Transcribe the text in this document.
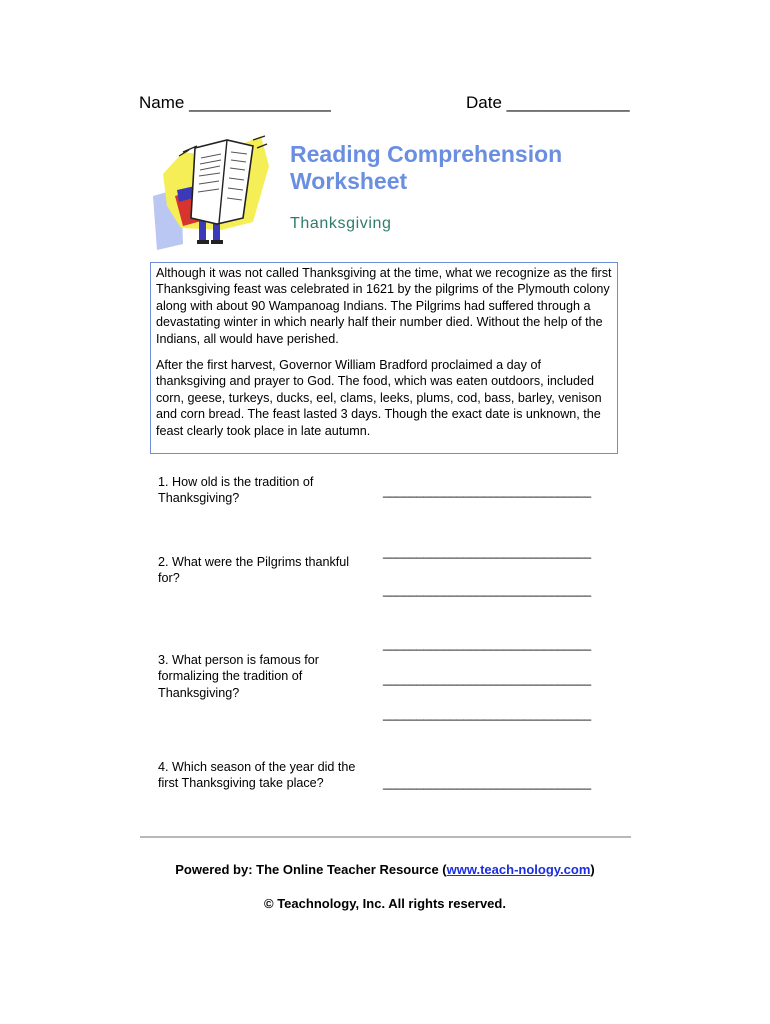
Name _______________	Date _____________
Reading Comprehension
Worksheet
Thanksgiving

Although it was not called Thanksgiving at the time, what we recognize as the first Thanksgiving feast was celebrated in 1621 by the pilgrims of the Plymouth colony along with about 90 Wampanoag Indians. The Pilgrims had suffered through a devastating winter in which nearly half their number died. Without the help of the Indians, all would have perished.

After the first harvest, Governor William Bradford proclaimed a day of thanksgiving and prayer to God. The food, which was eaten outdoors, included corn, geese, turkeys, ducks, eel, clams, leeks, plums, cod, bass, barley, venison and corn bread. The feast lasted 3 days. Though the exact date is unknown, the feast clearly took place in late autumn.

1. How old is the tradition of Thanksgiving?
_______________________________
2. What were the Pilgrims thankful for?
_______________________________
_______________________________
3. What person is famous for formalizing the tradition of Thanksgiving?
_______________________________
_______________________________
_______________________________
4. Which season of the year did the first Thanksgiving take place?	_______________________________
Powered by: The Online Teacher Resource (www.teach-nology.com)
© Teachnology, Inc. All rights reserved.
